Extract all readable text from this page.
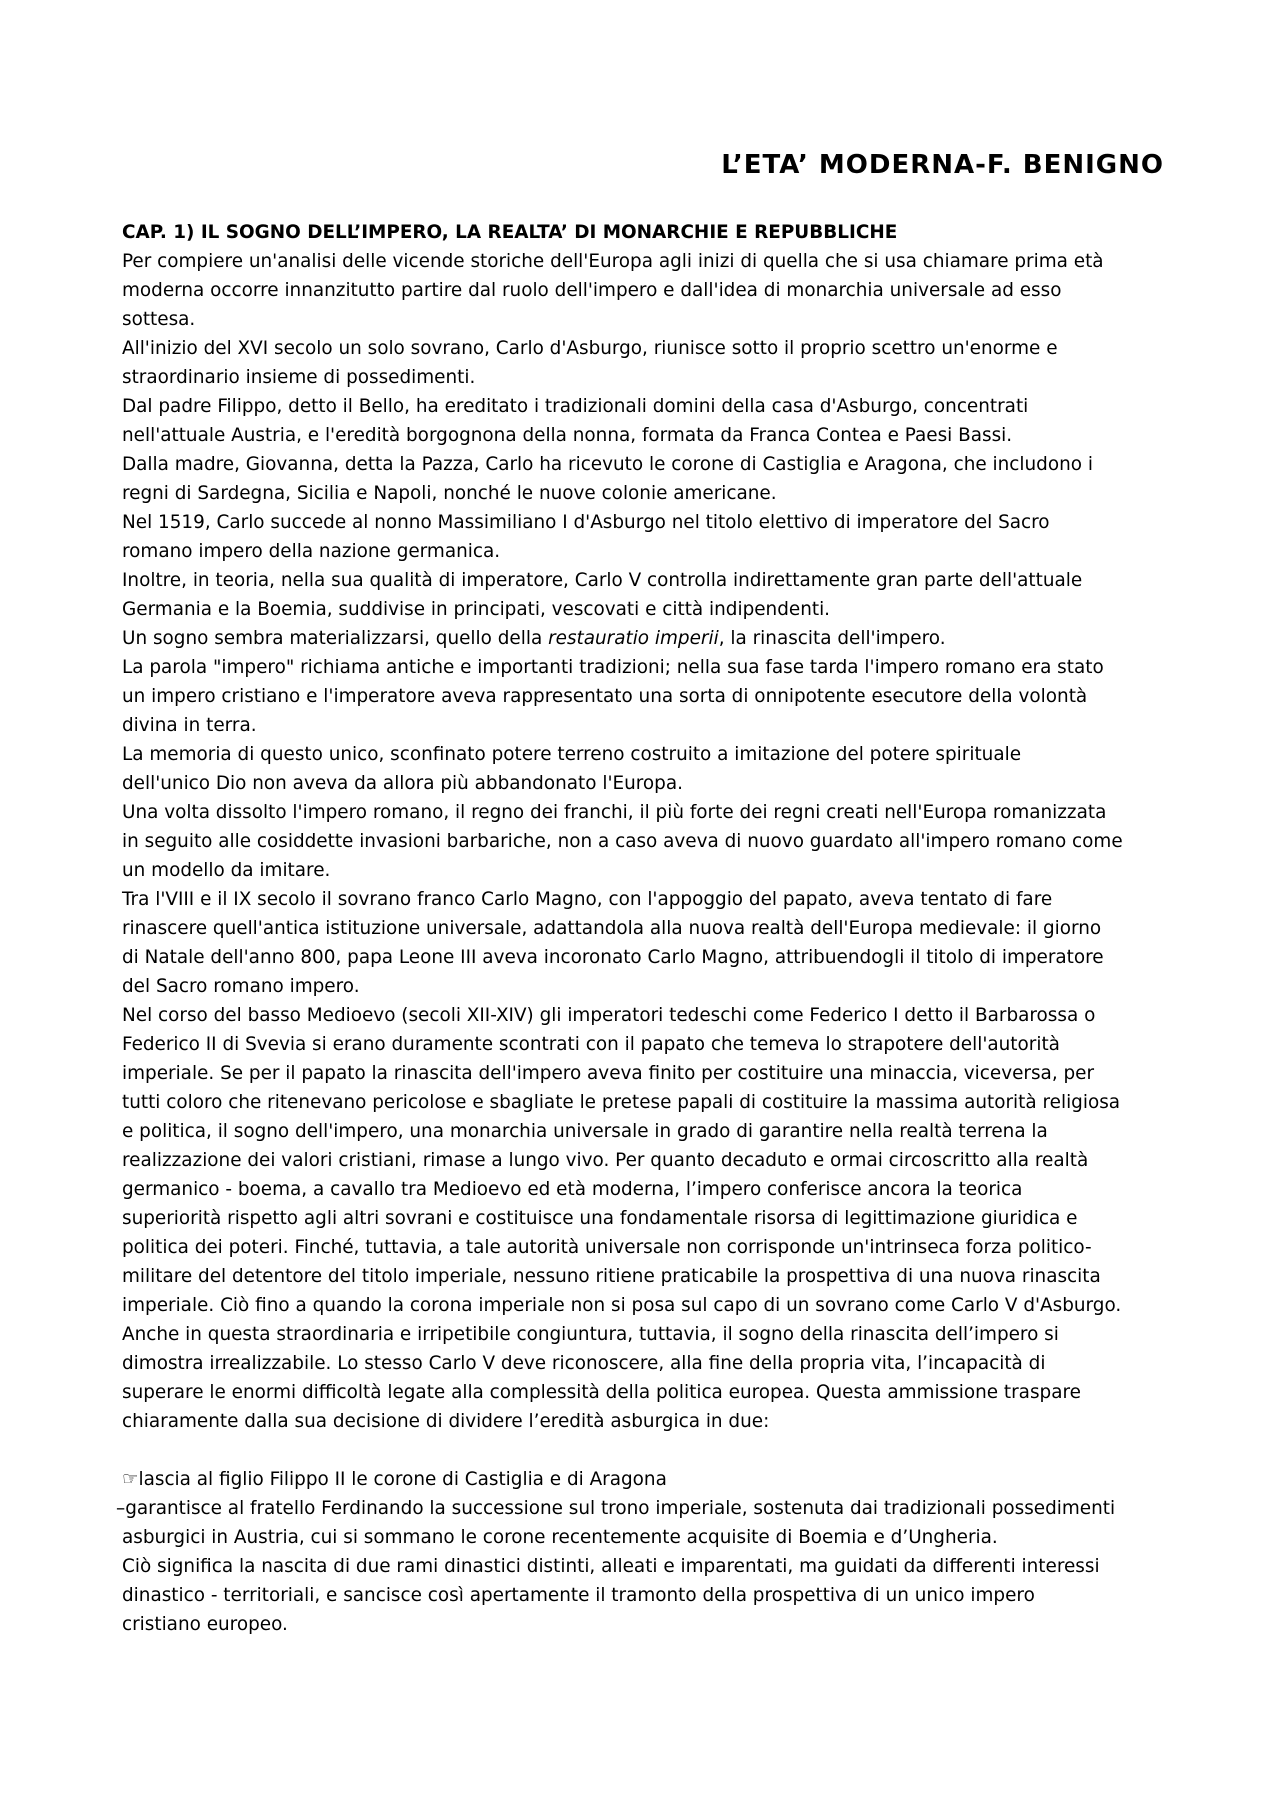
L’ETA’ MODERNA-F. BENIGNO
CAP. 1) IL SOGNO DELL’IMPERO, LA REALTA’ DI MONARCHIE E REPUBBLICHE
Per compiere un'analisi delle vicende storiche dell'Europa agli inizi di quella che si usa chiamare prima età
moderna occorre innanzitutto partire dal ruolo dell'impero e dall'idea di monarchia universale ad esso
sottesa.
All'inizio del XVI secolo un solo sovrano, Carlo d'Asburgo, riunisce sotto il proprio scettro un'enorme e
straordinario insieme di possedimenti.
Dal padre Filippo, detto il Bello, ha ereditato i tradizionali domini della casa d'Asburgo, concentrati
nell'attuale Austria, e l'eredità borgognona della nonna, formata da Franca Contea e Paesi Bassi.
Dalla madre, Giovanna, detta la Pazza, Carlo ha ricevuto le corone di Castiglia e Aragona, che includono i
regni di Sardegna, Sicilia e Napoli, nonché le nuove colonie americane.
Nel 1519, Carlo succede al nonno Massimiliano I d'Asburgo nel titolo elettivo di imperatore del Sacro
romano impero della nazione germanica.
Inoltre, in teoria, nella sua qualità di imperatore, Carlo V controlla indirettamente gran parte dell'attuale
Germania e la Boemia, suddivise in principati, vescovati e città indipendenti.
Un sogno sembra materializzarsi, quello della restauratio imperii, la rinascita dell'impero.
La parola "impero" richiama antiche e importanti tradizioni; nella sua fase tarda l'impero romano era stato
un impero cristiano e l'imperatore aveva rappresentato una sorta di onnipotente esecutore della volontà
divina in terra.
La memoria di questo unico, sconfinato potere terreno costruito a imitazione del potere spirituale
dell'unico Dio non aveva da allora più abbandonato l'Europa.
Una volta dissolto l'impero romano, il regno dei franchi, il più forte dei regni creati nell'Europa romanizzata
in seguito alle cosiddette invasioni barbariche, non a caso aveva di nuovo guardato all'impero romano come
un modello da imitare.
Tra l'VIII e il IX secolo il sovrano franco Carlo Magno, con l'appoggio del papato, aveva tentato di fare
rinascere quell'antica istituzione universale, adattandola alla nuova realtà dell'Europa medievale: il giorno
di Natale dell'anno 800, papa Leone III aveva incoronato Carlo Magno, attribuendogli il titolo di imperatore
del Sacro romano impero.
Nel corso del basso Medioevo (secoli XII-XIV) gli imperatori tedeschi come Federico I detto il Barbarossa o
Federico II di Svevia si erano duramente scontrati con il papato che temeva lo strapotere dell'autorità
imperiale. Se per il papato la rinascita dell'impero aveva finito per costituire una minaccia, viceversa, per
tutti coloro che ritenevano pericolose e sbagliate le pretese papali di costituire la massima autorità religiosa
e politica, il sogno dell'impero, una monarchia universale in grado di garantire nella realtà terrena la
realizzazione dei valori cristiani, rimase a lungo vivo. Per quanto decaduto e ormai circoscritto alla realtà
germanico - boema, a cavallo tra Medioevo ed età moderna, l’impero conferisce ancora la teorica
superiorità rispetto agli altri sovrani e costituisce una fondamentale risorsa di legittimazione giuridica e
politica dei poteri. Finché, tuttavia, a tale autorità universale non corrisponde un'intrinseca forza politico-
militare del detentore del titolo imperiale, nessuno ritiene praticabile la prospettiva di una nuova rinascita
imperiale. Ciò fino a quando la corona imperiale non si posa sul capo di un sovrano come Carlo V d'Asburgo.
Anche in questa straordinaria e irripetibile congiuntura, tuttavia, il sogno della rinascita dell’impero si
dimostra irrealizzabile. Lo stesso Carlo V deve riconoscere, alla fine della propria vita, l’incapacità di
superare le enormi difficoltà legate alla complessità della politica europea. Questa ammissione traspare
chiaramente dalla sua decisione di dividere l’eredità asburgica in due:
☞lascia al figlio Filippo II le corone di Castiglia e di Aragona
–garantisce al fratello Ferdinando la successione sul trono imperiale, sostenuta dai tradizionali possedimenti
asburgici in Austria, cui si sommano le corone recentemente acquisite di Boemia e d’Ungheria.
Ciò significa la nascita di due rami dinastici distinti, alleati e imparentati, ma guidati da differenti interessi
dinastico - territoriali, e sancisce così apertamente il tramonto della prospettiva di un unico impero
cristiano europeo.
